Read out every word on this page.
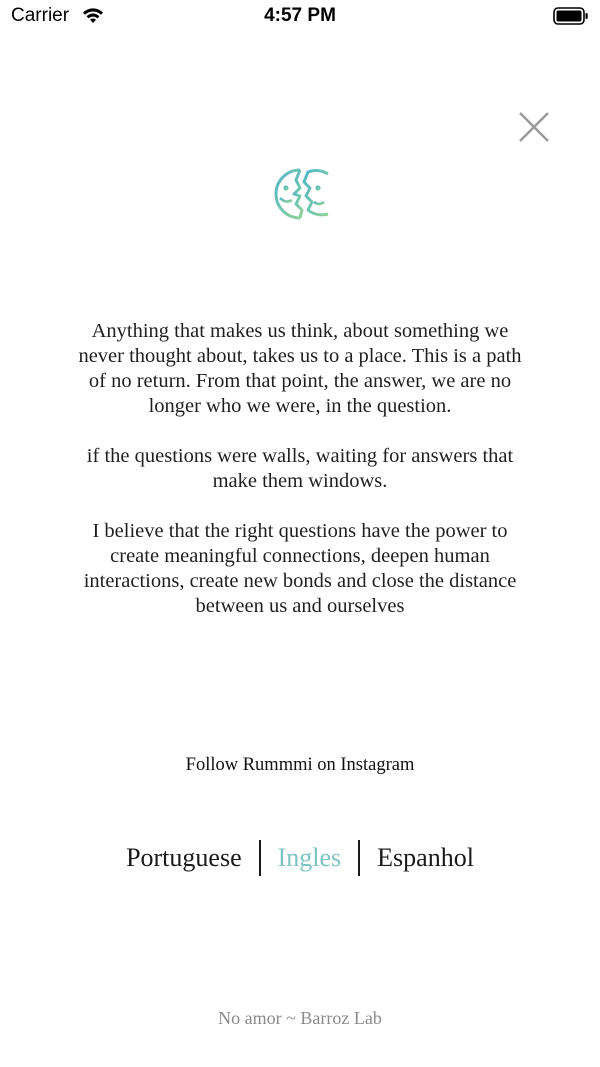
Carrier	4:57 PM

Anything that makes us think, about something we never thought about, takes us to a place. This is a path of no return. From that point, the answer, we are no longer who we were, in the question.

if the questions were walls, waiting for answers that make them windows.

I believe that the right questions have the power to create meaningful connections, deepen human interactions, create new bonds and close the distance between us and ourselves

Follow Rummmi on Instagram
Portuguese	Ingles	Espanhol
No amor ~ Barroz Lab
